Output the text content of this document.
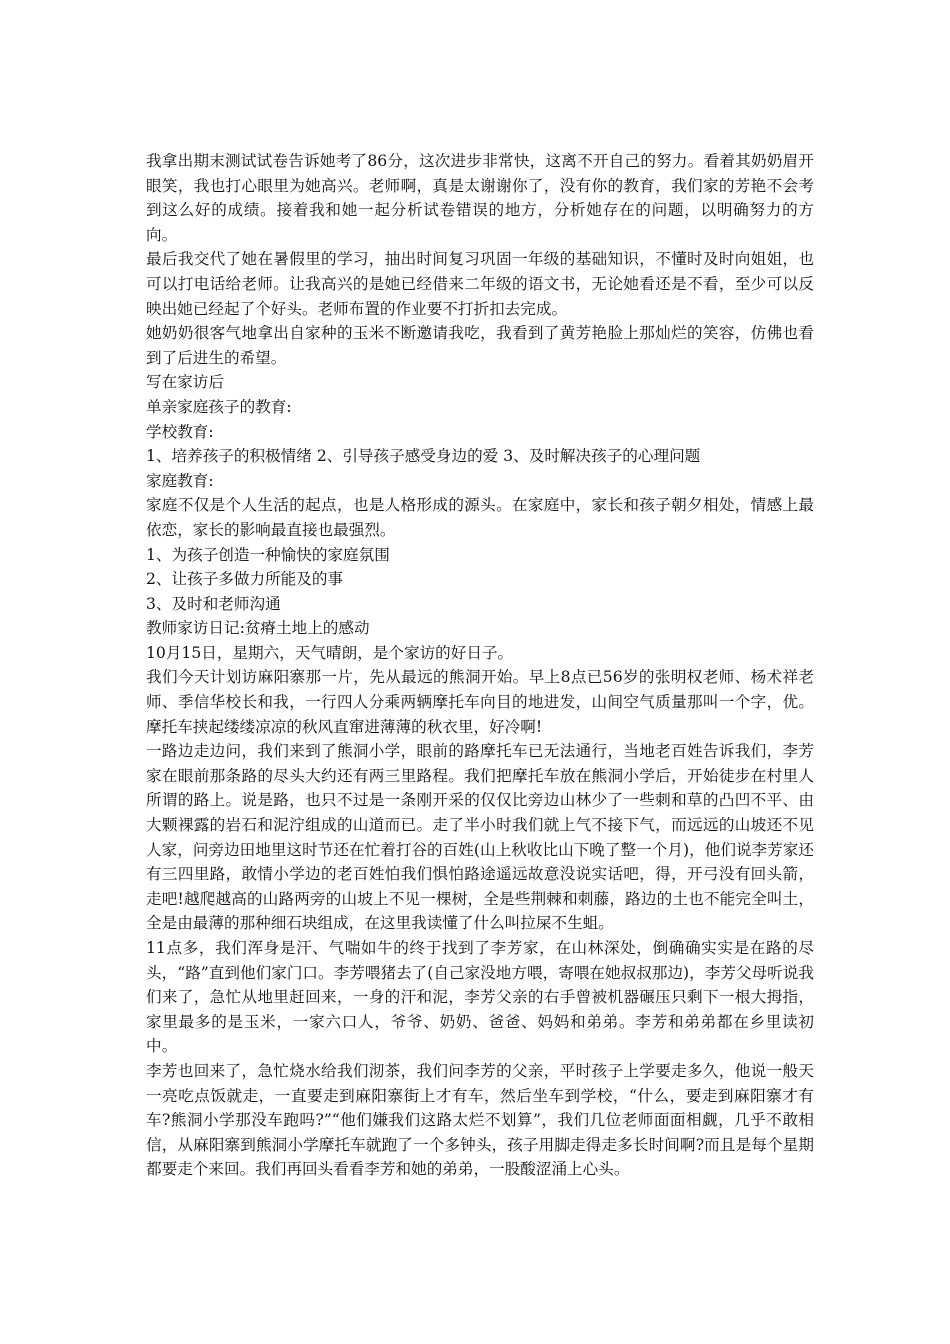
我拿出期末测试试卷告诉她考了86分，这次进步非常快，这离不开自己的努力。看着其奶奶眉开眼笑，我也打心眼里为她高兴。老师啊，真是太谢谢你了，没有你的教育，我们家的芳艳不会考到这么好的成绩。接着我和她一起分析试卷错误的地方，分析她存在的问题，以明确努力的方向。

最后我交代了她在暑假里的学习，抽出时间复习巩固一年级的基础知识，不懂时及时向姐姐，也可以打电话给老师。让我高兴的是她已经借来二年级的语文书，无论她看还是不看，至少可以反映出她已经起了个好头。老师布置的作业要不打折扣去完成。

她奶奶很客气地拿出自家种的玉米不断邀请我吃，我看到了黄芳艳脸上那灿烂的笑容，仿佛也看到了后进生的希望。

写在家访后

单亲家庭孩子的教育:

学校教育:

1、培养孩子的积极情绪 2、引导孩子感受身边的爱 3、及时解决孩子的心理问题

家庭教育:

家庭不仅是个人生活的起点，也是人格形成的源头。在家庭中，家长和孩子朝夕相处，情感上最依恋，家长的影响最直接也最强烈。

1、为孩子创造一种愉快的家庭氛围

2、让孩子多做力所能及的事

3、及时和老师沟通

教师家访日记:贫瘠土地上的感动

10月15日，星期六，天气晴朗，是个家访的好日子。

我们今天计划访麻阳寨那一片，先从最远的熊洞开始。早上8点已56岁的张明权老师、杨术祥老师、季信华校长和我，一行四人分乘两辆摩托车向目的地进发，山间空气质量那叫一个字，优。摩托车挟起缕缕凉凉的秋风直窜进薄薄的秋衣里，好冷啊!

一路边走边问，我们来到了熊洞小学，眼前的路摩托车已无法通行，当地老百姓告诉我们，李芳家在眼前那条路的尽头大约还有两三里路程。我们把摩托车放在熊洞小学后，开始徒步在村里人所谓的路上。说是路，也只不过是一条刚开采的仅仅比旁边山林少了一些刺和草的凸凹不平、由大颗裸露的岩石和泥泞组成的山道而已。走了半小时我们就上气不接下气，而远远的山坡还不见人家，问旁边田地里这时节还在忙着打谷的百姓(山上秋收比山下晚了整一个月)，他们说李芳家还有三四里路，敢情小学边的老百姓怕我们惧怕路途遥远故意没说实话吧，得，开弓没有回头箭，走吧!越爬越高的山路两旁的山坡上不见一棵树，全是些荆棘和刺藤，路边的土也不能完全叫土，全是由最薄的那种细石块组成，在这里我读懂了什么叫拉屎不生蛆。

11点多，我们浑身是汗、气喘如牛的终于找到了李芳家，在山林深处，倒确确实实是在路的尽头，“路”直到他们家门口。李芳喂猪去了(自己家没地方喂，寄喂在她叔叔那边)，李芳父母听说我们来了，急忙从地里赶回来，一身的汗和泥，李芳父亲的右手曾被机器碾压只剩下一根大拇指，家里最多的是玉米，一家六口人，爷爷、奶奶、爸爸、妈妈和弟弟。李芳和弟弟都在乡里读初中。

李芳也回来了，急忙烧水给我们沏茶，我们问李芳的父亲，平时孩子上学要走多久，他说一般天一亮吃点饭就走，一直要走到麻阳寨街上才有车，然后坐车到学校，“什么，要走到麻阳寨才有车?熊洞小学那没车跑吗?”“他们嫌我们这路太烂不划算”，我们几位老师面面相觑，几乎不敢相信，从麻阳寨到熊洞小学摩托车就跑了一个多钟头，孩子用脚走得走多长时间啊?而且是每个星期都要走个来回。我们再回头看看李芳和她的弟弟，一股酸涩涌上心头。
